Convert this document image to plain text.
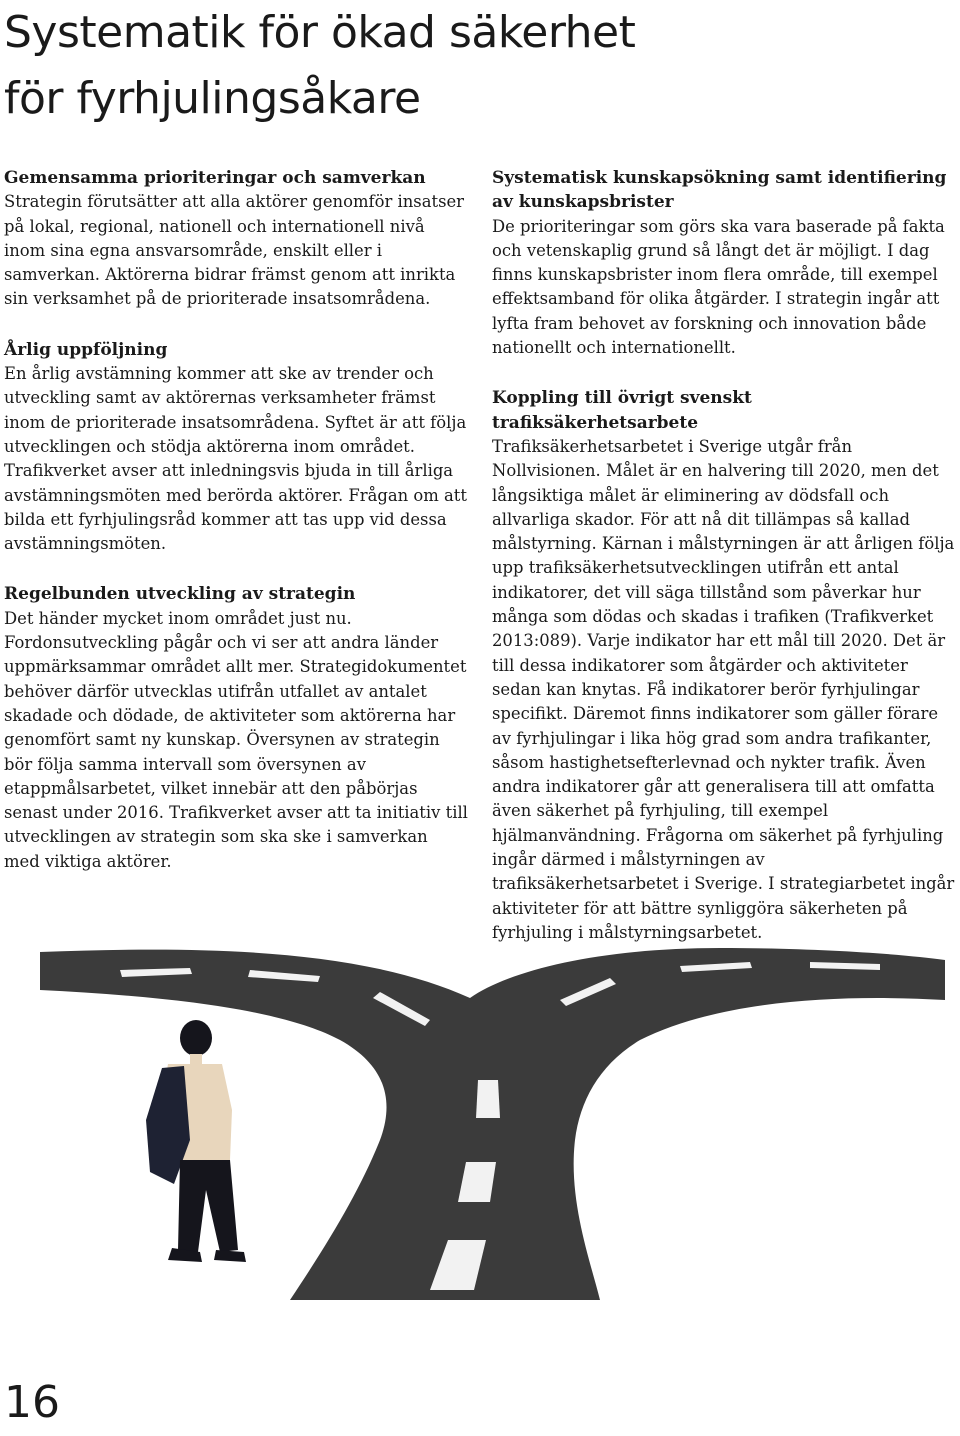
Systematik för ökad säkerhet
för fyrhjulingsåkare
Gemensamma prioriteringar och samverkan

Strategin förutsätter att alla aktörer genomför insatser på lokal, regional, nationell och internationell nivå inom sina egna ansvarsområde, enskilt eller i samverkan. Aktörerna bidrar främst genom att inrikta sin verksamhet på de prioriterade insatsområdena.

Årlig uppföljning

En årlig avstämning kommer att ske av trender och utveckling samt av aktörernas verksamheter främst inom de prioriterade insatsområdena. Syftet är att följa utvecklingen och stödja aktörerna inom området. Trafikverket avser att inledningsvis bjuda in till årliga avstämningsmöten med berörda aktörer. Frågan om att bilda ett fyrhjulingsråd kommer att tas upp vid dessa avstämningsmöten.

Regelbunden utveckling av strategin

Det händer mycket inom området just nu. Fordonsutveckling pågår och vi ser att andra länder uppmärksammar området allt mer. Strategidokumentet behöver därför utvecklas utifrån utfallet av antalet skadade och dödade, de aktiviteter som aktörerna har genomfört samt ny kunskap. Översynen av strategin bör följa samma intervall som översynen av etappmålsarbetet, vilket innebär att den påbörjas senast under 2016. Trafikverket avser att ta initiativ till utvecklingen av strategin som ska ske i samverkan med viktiga aktörer.

Systematisk kunskapsökning samt identifiering av kunskapsbrister

De prioriteringar som görs ska vara baserade på fakta och vetenskaplig grund så långt det är möjligt. I dag finns kunskapsbrister inom flera område, till exempel effektsamband för olika åtgärder. I strategin ingår att lyfta fram behovet av forskning och innovation både nationellt och internationellt.

Koppling till övrigt svenskt trafiksäkerhetsarbete

Trafiksäkerhetsarbetet i Sverige utgår från Nollvisionen. Målet är en halvering till 2020, men det långsiktiga målet är eliminering av dödsfall och allvarliga skador. För att nå dit tillämpas så kallad målstyrning. Kärnan i målstyrningen är att årligen följa upp trafiksäkerhetsutvecklingen utifrån ett antal indikatorer, det vill säga tillstånd som påverkar hur många som dödas och skadas i trafiken (Trafikverket 2013:089). Varje indikator har ett mål till 2020. Det är till dessa indikatorer som åtgärder och aktiviteter sedan kan knytas. Få indikatorer berör fyrhjulingar specifikt. Däremot finns indikatorer som gäller förare av fyrhjulingar i lika hög grad som andra trafikanter, såsom hastighetsefterlevnad och nykter trafik. Även andra indikatorer går att generalisera till att omfatta även säkerhet på fyrhjuling, till exempel hjälmanvändning. Frågorna om säkerhet på fyrhjuling ingår därmed i målstyrningen av trafiksäkerhetsarbetet i Sverige. I strategiarbetet ingår aktiviteter för att bättre synliggöra säkerheten på fyrhjuling i målstyrningsarbetet.

16
